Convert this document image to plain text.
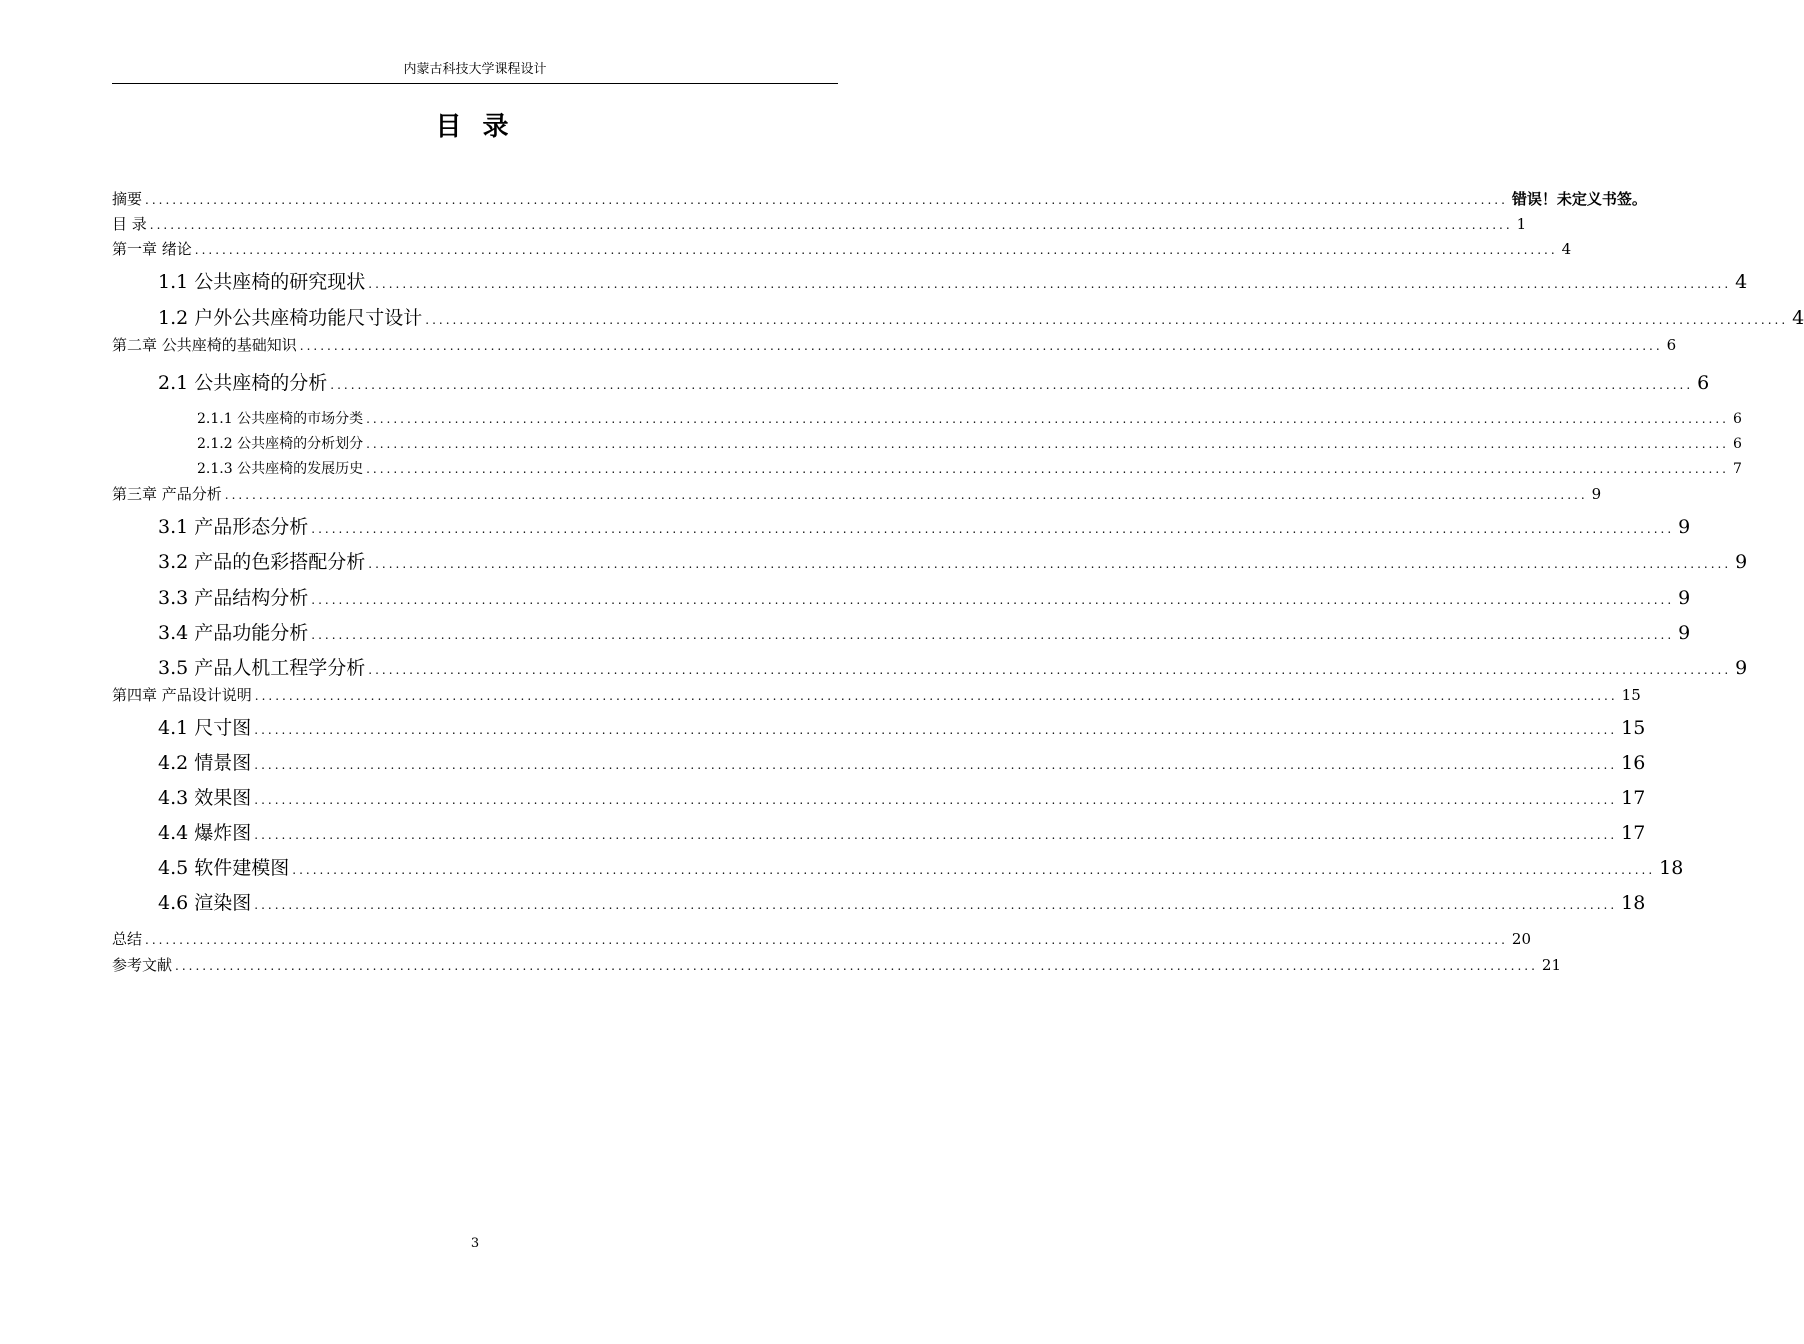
内蒙古科技大学课程设计
目 录
摘要 ........................................................................................................................................................................................................ 错误！未定义书签。
目 录 ........................................................................................................................................................................................................ 1
第一章 绪论 ........................................................................................................................................................................................................ 4
1.1 公共座椅的研究现状 ........................................................................................................................................................................................................ 4
1.2 户外公共座椅功能尺寸设计 ........................................................................................................................................................................................................ 4
第二章 公共座椅的基础知识 ........................................................................................................................................................................................................ 6
2.1 公共座椅的分析 ........................................................................................................................................................................................................ 6
2.1.1 公共座椅的市场分类 ........................................................................................................................................................................................................ 6
2.1.2 公共座椅的分析划分 ........................................................................................................................................................................................................ 6
2.1.3 公共座椅的发展历史 ........................................................................................................................................................................................................ 7
第三章 产品分析 ........................................................................................................................................................................................................ 9
3.1 产品形态分析 ........................................................................................................................................................................................................ 9
3.2 产品的色彩搭配分析 ........................................................................................................................................................................................................ 9
3.3 产品结构分析 ........................................................................................................................................................................................................ 9
3.4 产品功能分析 ........................................................................................................................................................................................................ 9
3.5 产品人机工程学分析 ........................................................................................................................................................................................................ 9
第四章 产品设计说明 ........................................................................................................................................................................................................ 15
4.1 尺寸图 ........................................................................................................................................................................................................ 15
4.2 情景图 ........................................................................................................................................................................................................ 16
4.3 效果图 ........................................................................................................................................................................................................ 17
4.4 爆炸图 ........................................................................................................................................................................................................ 17
4.5 软件建模图 ........................................................................................................................................................................................................ 18
4.6 渲染图 ........................................................................................................................................................................................................ 18
总结 ........................................................................................................................................................................................................ 20
参考文献 ........................................................................................................................................................................................................ 21
3
